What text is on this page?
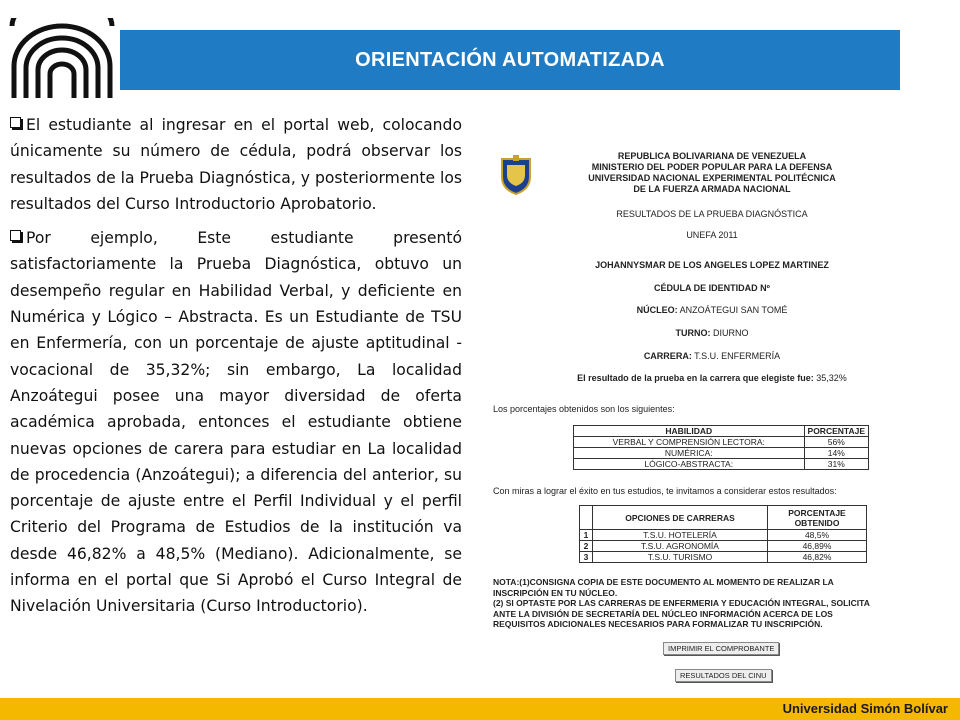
ORIENTACIÓN AUTOMATIZADA

El estudiante al ingresar en el portal web, colocando únicamente su número de cédula, podrá observar los resultados de la Prueba Diagnóstica, y posteriormente los resultados del Curso Introductorio Aprobatorio.

Por ejemplo, Este estudiante presentó satisfactoriamente la Prueba Diagnóstica, obtuvo un desempeño regular en Habilidad Verbal, y deficiente en Numérica y Lógico – Abstracta. Es un Estudiante de TSU en Enfermería, con un porcentaje de ajuste aptitudinal - vocacional de 35,32%; sin embargo, La localidad Anzoátegui posee una mayor diversidad de oferta académica aprobada, entonces el estudiante obtiene nuevas opciones de carera para estudiar en La localidad de procedencia (Anzoátegui); a diferencia del anterior, su porcentaje de ajuste entre el Perfil Individual y el perfil Criterio del Programa de Estudios de la institución va desde 46,82% a 48,5% (Mediano). Adicionalmente, se informa en el portal que Si Aprobó el Curso Integral de Nivelación Universitaria (Curso Introductorio).

REPUBLICA BOLIVARIANA DE VENEZUELA
MINISTERIO DEL PODER POPULAR PARA LA DEFENSA
UNIVERSIDAD NACIONAL EXPERIMENTAL POLITÉCNICA
DE LA FUERZA ARMADA NACIONAL
RESULTADOS DE LA PRUEBA DIAGNÓSTICA
UNEFA 2011
JOHANNYSMAR DE LOS ANGELES LOPEZ MARTINEZ
CÉDULA DE IDENTIDAD Nº
NÚCLEO: ANZOÁTEGUI SAN TOMÉ
TURNO: DIURNO
CARRERA: T.S.U. ENFERMERÍA
El resultado de la prueba en la carrera que elegiste fue: 35,32%
Los porcentajes obtenidos son los siguientes:
HABILIDAD	PORCENTAJE
VERBAL Y COMPRENSIÓN LECTORA:	56%
NUMÉRICA:	14%
LÓGICO-ABSTRACTA:	31%
Con miras a lograr el éxito en tus estudios, te invitamos a considerar estos resultados:
	OPCIONES DE CARRERAS	PORCENTAJE OBTENIDO
1	T.S.U. HOTELERÍA	48,5%
2	T.S.U. AGRONOMÍA	46,89%
3	T.S.U. TURISMO	46,82%
NOTA:(1)CONSIGNA COPIA DE ESTE DOCUMENTO AL MOMENTO DE REALIZAR LA INSCRIPCIÓN EN TU NÚCLEO.
(2) SI OPTASTE POR LAS CARRERAS DE ENFERMERIA Y EDUCACIÓN INTEGRAL, SOLICITA ANTE LA DIVISIÓN DE SECRETARÍA DEL NÚCLEO INFORMACIÓN ACERCA DE LOS REQUISITOS ADICIONALES NECESARIOS PARA FORMALIZAR TU INSCRIPCIÓN.
IMPRIMIR EL COMPROBANTE
RESULTADOS DEL CINU
Universidad Simón Bolívar
